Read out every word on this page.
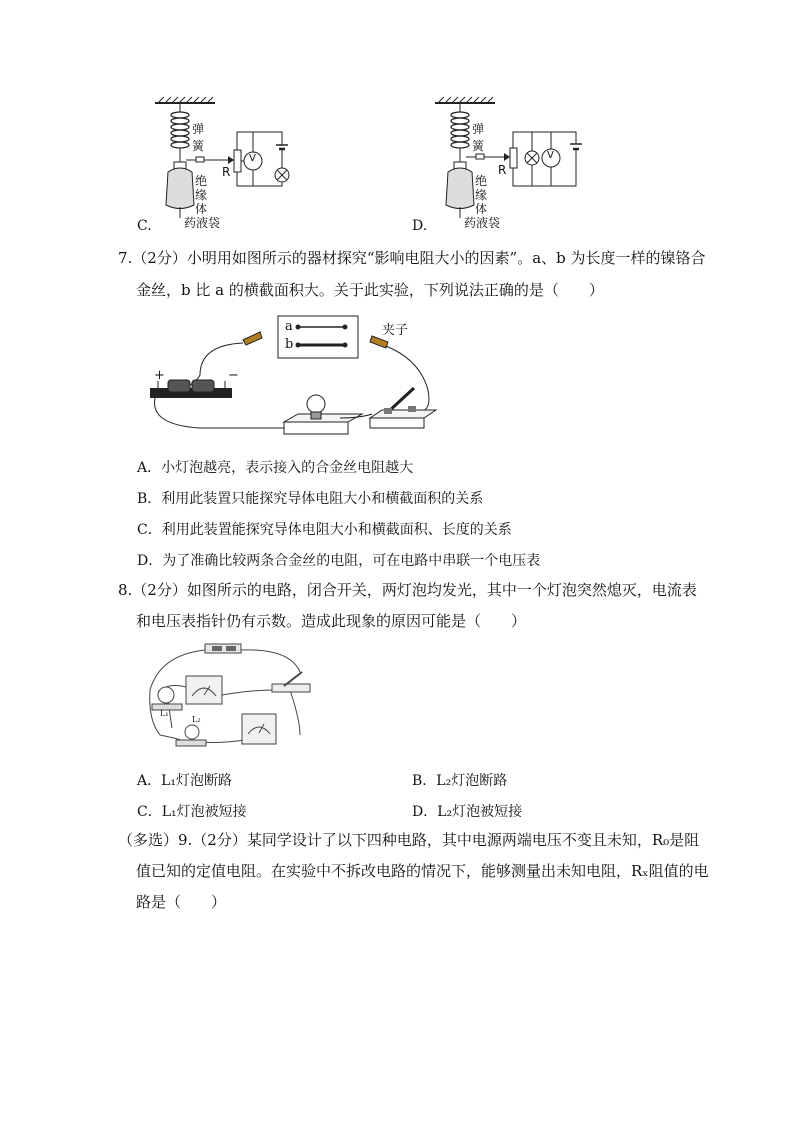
弹
簧
绝
缘
体
药液袋
R
V
C.
弹
簧
绝
缘
体
药液袋
R
V
D.
7.（2分）小明用如图所示的器材探究“影响电阻大小的因素”。a、b 为长度一样的镍铬合
金丝，b 比 a 的横截面积大。关于此实验，下列说法正确的是（　　）
a
b
夹子
+	−
A．小灯泡越亮，表示接入的合金丝电阻越大
B．利用此装置只能探究导体电阻大小和横截面积的关系
C．利用此装置能探究导体电阻大小和横截面积、长度的关系
D．为了准确比较两条合金丝的电阻，可在电路中串联一个电压表
8.（2分）如图所示的电路，闭合开关，两灯泡均发光，其中一个灯泡突然熄灭，电流表
和电压表指针仍有示数。造成此现象的原因可能是（　　）
L₁
L₂
A．L₁灯泡断路	B．L₂灯泡断路
C．L₁灯泡被短接	D．L₂灯泡被短接
（多选）9.（2分）某同学设计了以下四种电路，其中电源两端电压不变且未知，R₀是阻
值已知的定值电阻。在实验中不拆改电路的情况下，能够测量出未知电阻，Rₓ阻值的电
路是（　　）
